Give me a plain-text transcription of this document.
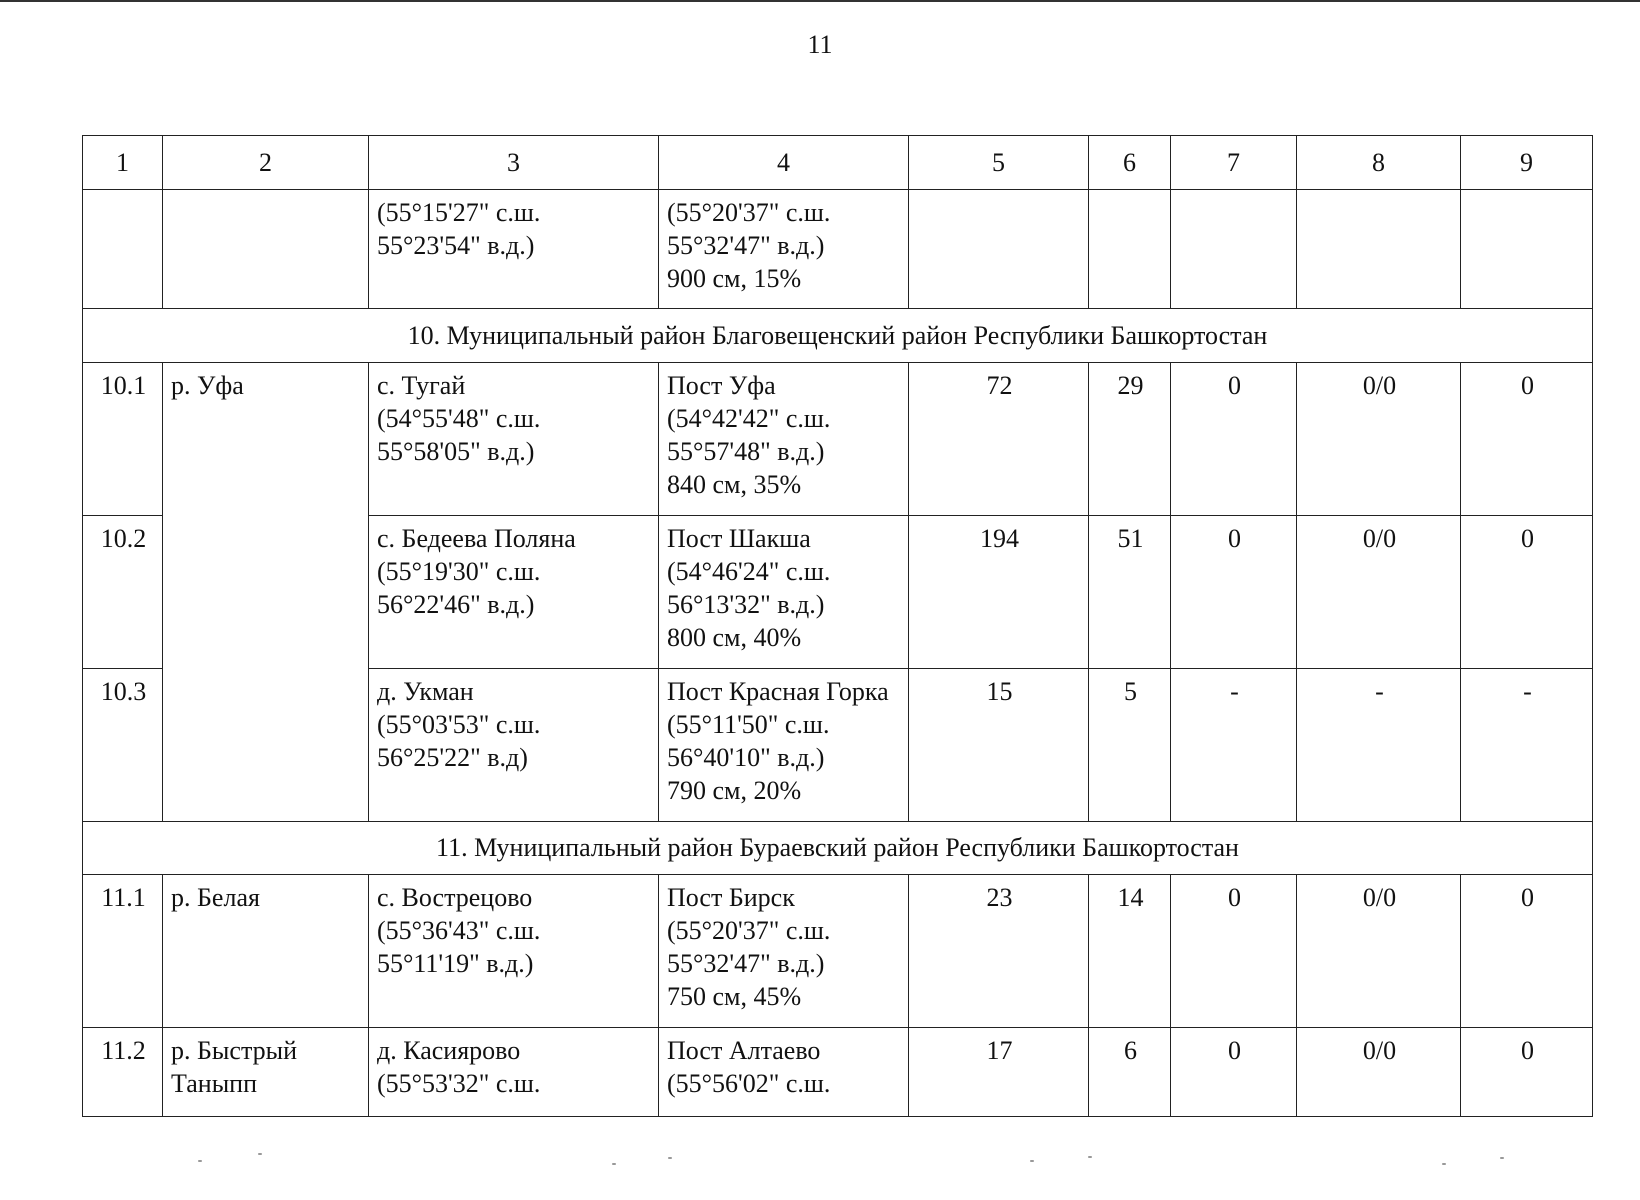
11
1	2	3	4	5	6	7	8	9
		(55°15'27" с.ш.
55°23'54" в.д.)	(55°20'37" с.ш.
55°32'47" в.д.)
900 см, 15%					
10. Муниципальный район Благовещенский район Республики Башкортостан								
10.1	р. Уфа	с. Тугай
(54°55'48" с.ш.
55°58'05" в.д.)	Пост Уфа
(54°42'42" с.ш.
55°57'48" в.д.)
840 см, 35%	72	29	0	0/0	0
10.2		с. Бедеева Поляна
(55°19'30" с.ш.
56°22'46" в.д.)	Пост Шакша
(54°46'24" с.ш.
56°13'32" в.д.)
800 см, 40%	194	51	0	0/0	0
10.3		д. Укман
(55°03'53" с.ш.
56°25'22" в.д)	Пост Красная Горка
(55°11'50" с.ш.
56°40'10" в.д.)
790 см, 20%	15	5	-	-	-
11. Муниципальный район Бураевский район Республики Башкортостан								
11.1	р. Белая	с. Вострецово
(55°36'43" с.ш.
55°11'19" в.д.)	Пост Бирск
(55°20'37" с.ш.
55°32'47" в.д.)
750 см, 45%	23	14	0	0/0	0
11.2	р. Быстрый
Таныпп	д. Касиярово
(55°53'32" с.ш.	Пост Алтаево
(55°56'02" с.ш.	17	6	0	0/0	0
